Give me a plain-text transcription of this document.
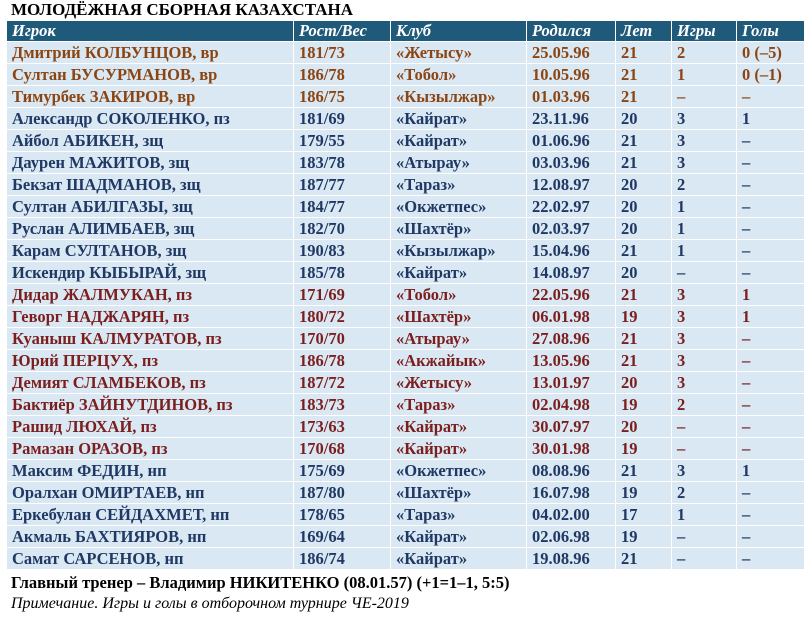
МОЛОДЁЖНАЯ СБОРНАЯ КАЗАХСТАНА
Игрок	Рост/Вес	Клуб	Родился	Лет	Игры	Голы
Дмитрий КОЛБУНЦОВ, вр	181/73	«Жетысу»	25.05.96	21	2	0 (–5)
Султан БУСУРМАНОВ, вр	186/78	«Тобол»	10.05.96	21	1	0 (–1)
Тимурбек ЗАКИРОВ, вр	186/75	«Кызылжар»	01.03.96	21	–	–
Александр СОКОЛЕНКО, пз	181/69	«Кайрат»	23.11.96	20	3	1
Айбол АБИКЕН, зщ	179/55	«Кайрат»	01.06.96	21	3	–
Даурен МАЖИТОВ, зщ	183/78	«Атырау»	03.03.96	21	3	–
Бекзат ШАДМАНОВ, зщ	187/77	«Тараз»	12.08.97	20	2	–
Султан АБИЛГАЗЫ, зщ	184/77	«Окжетпес»	22.02.97	20	1	–
Руслан АЛИМБАЕВ, зщ	182/70	«Шахтёр»	02.03.97	20	1	–
Карам СУЛТАНОВ, зщ	190/83	«Кызылжар»	15.04.96	21	1	–
Искендир КЫБЫРАЙ, зщ	185/78	«Кайрат»	14.08.97	20	–	–
Дидар ЖАЛМУКАН, пз	171/69	«Тобол»	22.05.96	21	3	1
Геворг НАДЖАРЯН, пз	180/72	«Шахтёр»	06.01.98	19	3	1
Куаныш КАЛМУРАТОВ, пз	170/70	«Атырау»	27.08.96	21	3	–
Юрий ПЕРЦУХ, пз	186/78	«Акжайык»	13.05.96	21	3	–
Демият СЛАМБЕКОВ, пз	187/72	«Жетысу»	13.01.97	20	3	–
Бактиёр ЗАЙНУТДИНОВ, пз	183/73	«Тараз»	02.04.98	19	2	–
Рашид ЛЮХАЙ, пз	173/63	«Кайрат»	30.07.97	20	–	–
Рамазан ОРАЗОВ, пз	170/68	«Кайрат»	30.01.98	19	–	–
Максим ФЕДИН, нп	175/69	«Окжетпес»	08.08.96	21	3	1
Оралхан ОМИРТАЕВ, нп	187/80	«Шахтёр»	16.07.98	19	2	–
Еркебулан СЕЙДАХМЕТ, нп	178/65	«Тараз»	04.02.00	17	1	–
Акмаль БАХТИЯРОВ, нп	169/64	«Кайрат»	02.06.98	19	–	–
Самат САРСЕНОВ, нп	186/74	«Кайрат»	19.08.96	21	–	–
Главный тренер – Владимир НИКИТЕНКО (08.01.57) (+1=1–1, 5:5)
Примечание. Игры и голы в отборочном турнире ЧЕ-2019
